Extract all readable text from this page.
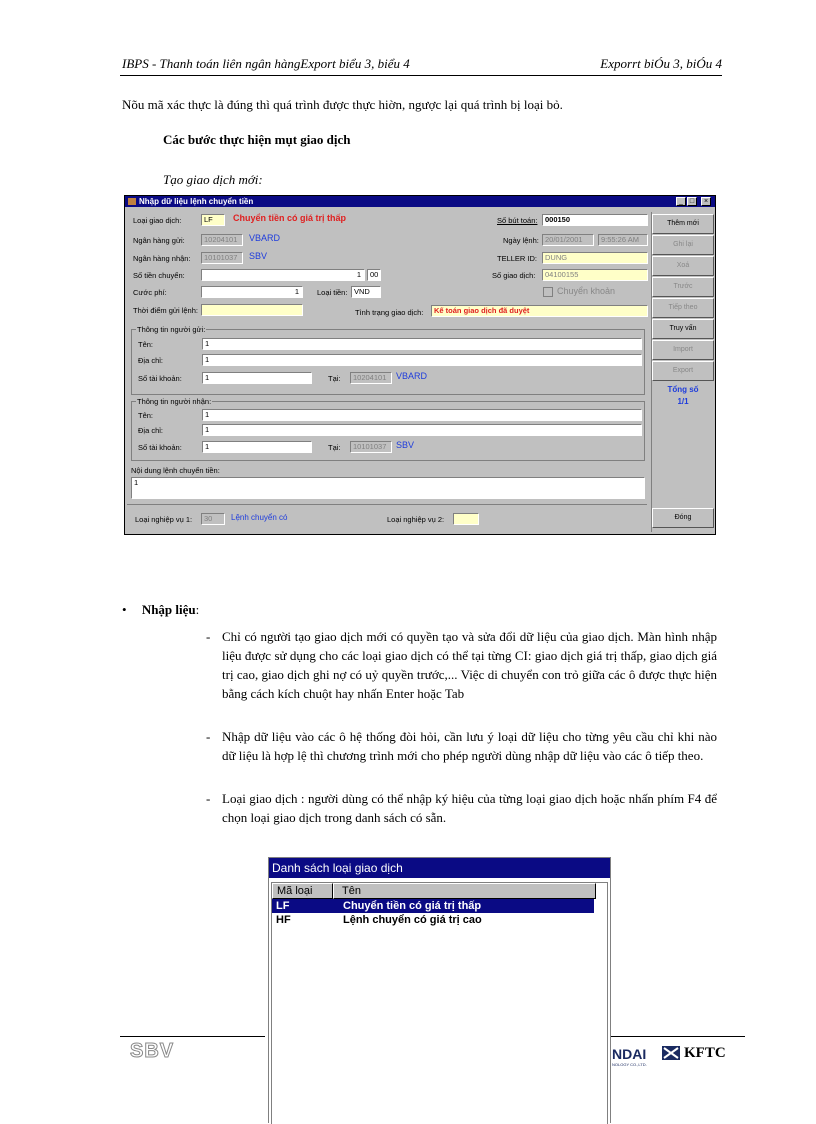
IBPS - Thanh toán liên ngân hàngExport biểu 3, biểu 4	Exporrt biÓu 3, biÓu 4
Nõu mã xác thực là đúng thì quá trình được thực hiờn, ngược lại quá trình bị loại bỏ.
Các bước thực hiện mụt giao dịch
Tạo giao dịch mới:
Nhập dữ liệu lệnh chuyển tiền	_ □	×
Loại giao dịch:	LF	Chuyển tiền có giá trị thấp	Số bút toán:	000150
Ngân hàng gửi:	10204101	VBARD	Ngày lệnh: 20/01/2001	9:55:26 AM
Ngân hàng nhận:	10101037	SBV	TELLER ID:	DUNG
Số tiền chuyển:	1	00	Số giao dịch:	04100155
Cước phí:	1	Loại tiền: VND	Chuyển khoản
Thời điểm gửi lệnh:	Tình trạng giao dịch:	Kế toán giao dịch đã duyệt
Thông tin người gửi:
Tên:	1
Địa chỉ:	1
Số tài khoản:	1	Tại:	10204101	VBARD
Thông tin người nhận:
Tên:	1
Địa chỉ:	1
Số tài khoản:	1	Tại:	10101037	SBV
Nội dung lệnh chuyển tiền:
1
Loại nghiệp vụ 1:	30	Lệnh chuyển có	Loại nghiệp vụ 2:
Thêm mới
Ghi lại
Xoá
Trước
Tiếp theo
Truy vấn
Import
Export
Tổng số
1/1
Đóng
• Nhập liệu:
- Chỉ có người tạo giao dịch mới có quyền tạo và sửa đổi dữ liệu của giao dịch. Màn hình nhập liệu được sử dụng cho các loại giao dịch có thể tại từng CI: giao dịch giá trị thấp, giao dịch giá trị cao, giao dịch ghi nợ có uỷ quyền trước,... Việc di chuyển con trỏ giữa các ô được thực hiện bằng cách kích chuột hay nhấn Enter hoặc Tab
- Nhập dữ liệu vào các ô hệ thống đòi hỏi, cần lưu ý loại dữ liệu cho từng yêu cầu chỉ khi nào dữ liệu là hợp lệ thì chương trình mới cho phép người dùng nhập dữ liệu vào các ô tiếp theo.
- Loại giao dịch : người dùng có thể nhập ký hiệu của từng loại giao dịch hoặc nhấn phím F4 để chọn loại giao dịch trong danh sách có sẵn.
SBV	NDAI
NOLOGY CO.,LTD.
KFTC
Danh sách loại giao dịch
Mã loại	Tên
LF	Chuyển tiền có giá trị thấp
HF	Lệnh chuyển có giá trị cao
